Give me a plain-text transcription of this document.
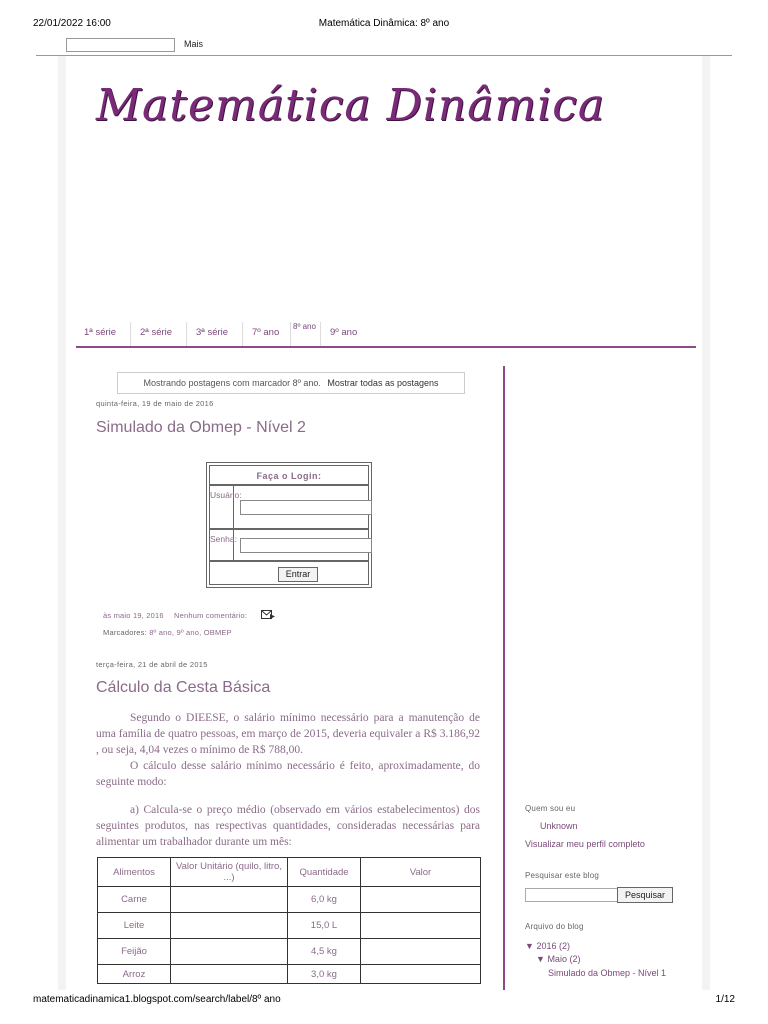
22/01/2022 16:00	Matemática Dinâmica: 8º ano
Mais
Matemática Dinâmica
1ª série	2ª série	3ª série	7º ano
8º ano
9º ano
Mostrando postagens com marcador 8º ano. Mostrar todas as postagens
quinta-feira, 19 de maio de 2016
Simulado da Obmep - Nível 2
Faça o Login:
Usuário:
Senha:
Entrar
às maio 19, 2016 Nenhum comentário:
Marcadores: 8º ano, 9º ano, OBMEP
terça-feira, 21 de abril de 2015
Cálculo da Cesta Básica

Segundo o DIEESE, o salário mínimo necessário para a manutenção de uma família de quatro pessoas, em março de 2015, deveria equivaler a R$ 3.186,92 , ou seja, 4,04 vezes o mínimo de R$ 788,00.

O cálculo desse salário mínimo necessário é feito, aproximadamente, do seguinte modo:

a) Calcula-se o preço médio (observado em vários estabelecimentos) dos seguintes produtos, nas respectivas quantidades, consideradas necessárias para alimentar um trabalhador durante um mês:

Alimentos	Valor Unitário (quilo, litro, ...)	Quantidade	Valor
Carne		6,0 kg	
Leite		15,0 L	
Feijão		4,5 kg	
Arroz		3,0 kg	
Quem sou eu
Unknown
Visualizar meu perfil completo
Pesquisar este blog
Pesquisar
Arquivo do blog
▼ 2016 (2)
▼ Maio (2)
Simulado da Obmep - Nível 1
matematicadinamica1.blogspot.com/search/label/8º ano	1/12
